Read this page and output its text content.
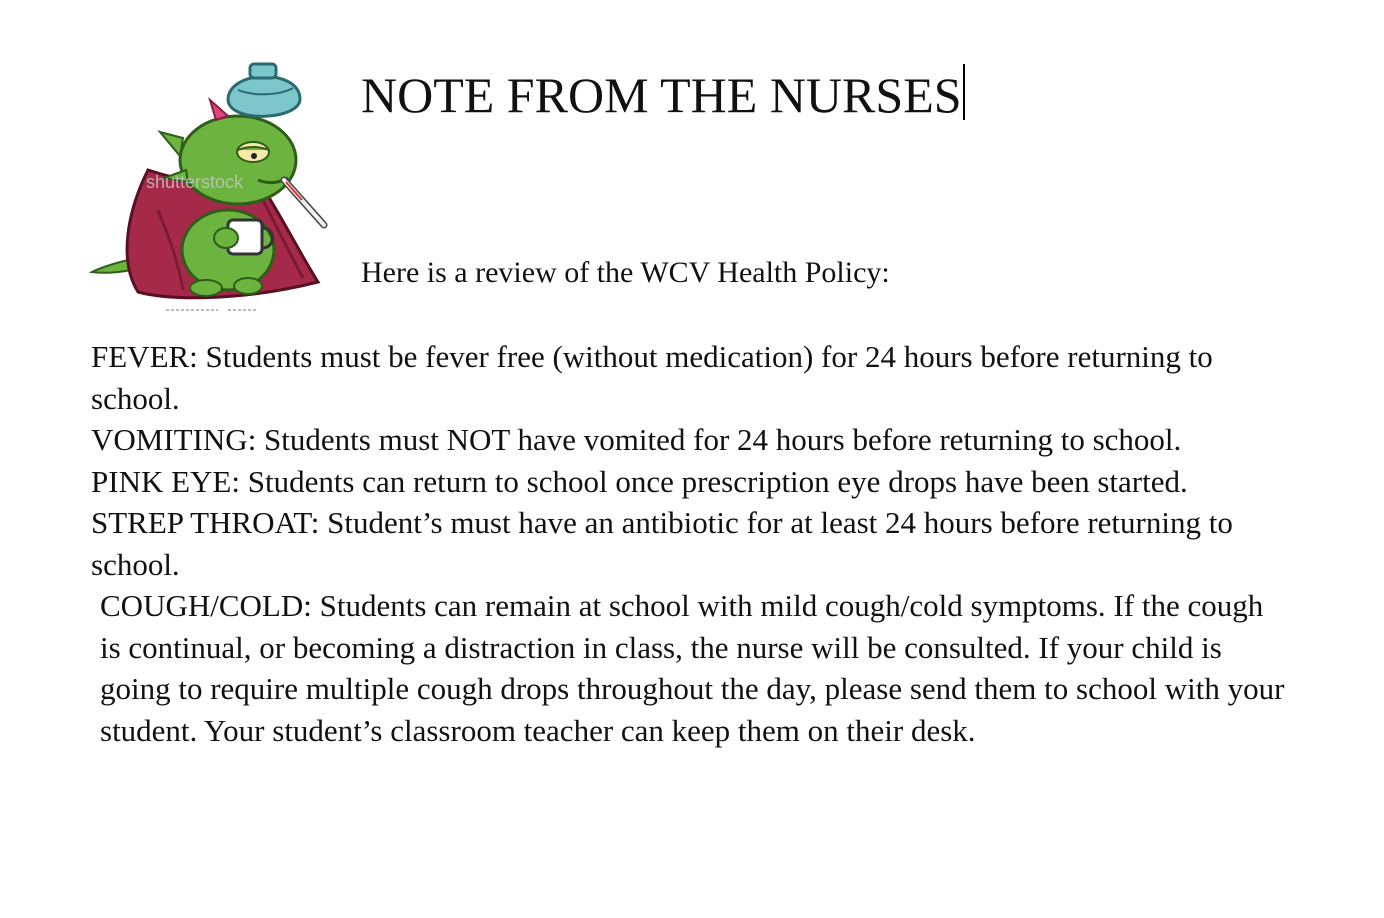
shutterstock
NOTE FROM THE NURSES

Here is a review of the WCV Health Policy:

FEVER: Students must be fever free (without medication) for 24 hours before returning to school.

VOMITING: Students must NOT have vomited for 24 hours before returning to school.

PINK EYE: Students can return to school once prescription eye drops have been started.

STREP THROAT: Student’s must have an antibiotic for at least 24 hours before returning to school.

COUGH/COLD: Students can remain at school with mild cough/cold symptoms. If the cough is continual, or becoming a distraction in class, the nurse will be consulted. If your child is going to require multiple cough drops throughout the day, please send them to school with your student. Your student’s classroom teacher can keep them on their desk.
